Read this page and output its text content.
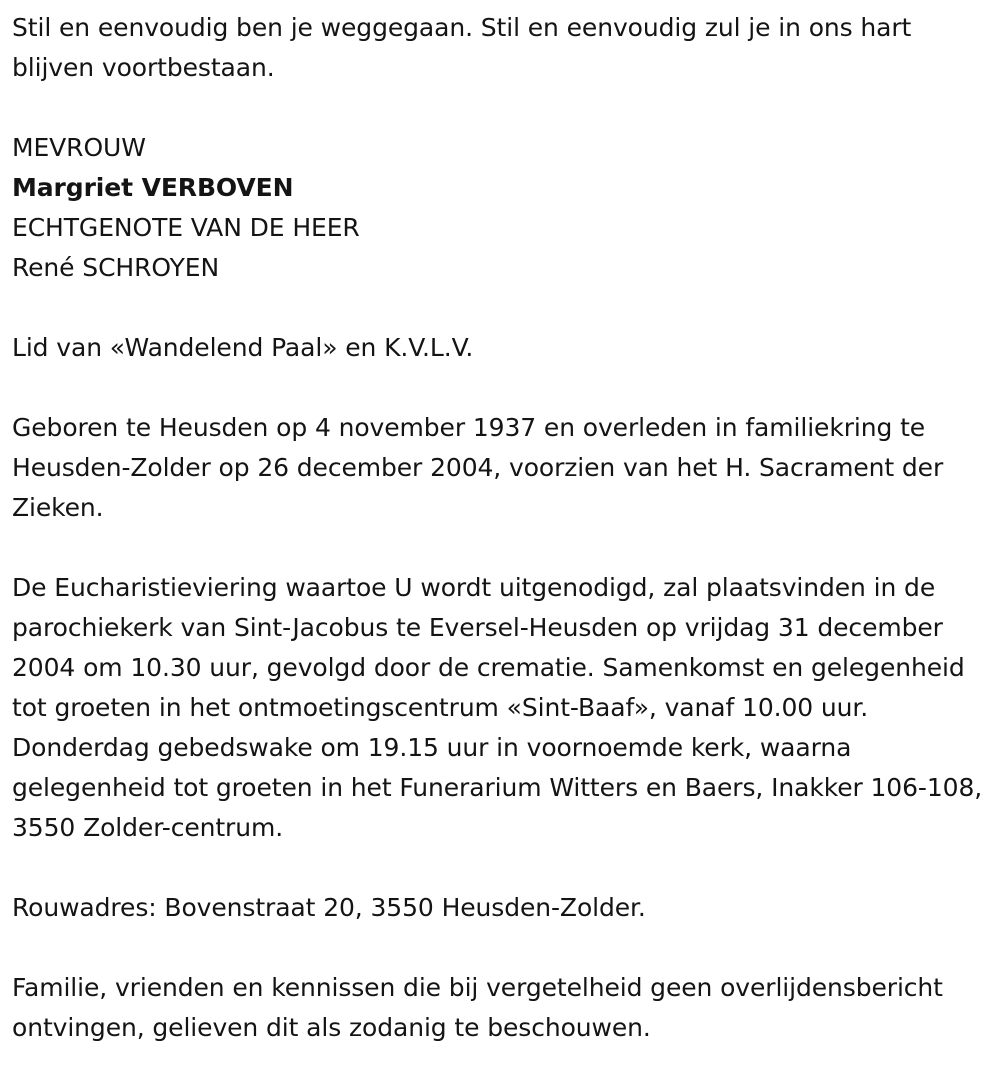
Stil en eenvoudig ben je weggegaan. Stil en eenvoudig zul je in ons hart blijven voortbestaan.

MEVROUW

Margriet VERBOVEN

ECHTGENOTE VAN DE HEER

René SCHROYEN

Lid van «Wandelend Paal» en K.V.L.V.

Geboren te Heusden op 4 november 1937 en overleden in familiekring te Heusden-Zolder op 26 december 2004, voorzien van het H. Sacrament der Zieken.

De Eucharistieviering waartoe U wordt uitgenodigd, zal plaatsvinden in de parochiekerk van Sint-Jacobus te Eversel-Heusden op vrijdag 31 december 2004 om 10.30 uur, gevolgd door de crematie. Samenkomst en gelegenheid tot groeten in het ontmoetingscentrum «Sint-Baaf», vanaf 10.00 uur. Donderdag gebedswake om 19.15 uur in voornoemde kerk, waarna gelegenheid tot groeten in het Funerarium Witters en Baers, Inakker 106-108, 3550 Zolder-centrum.

Rouwadres: Bovenstraat 20, 3550 Heusden-Zolder.

Familie, vrienden en kennissen die bij vergetelheid geen overlijdensbericht ontvingen, gelieven dit als zodanig te beschouwen.
